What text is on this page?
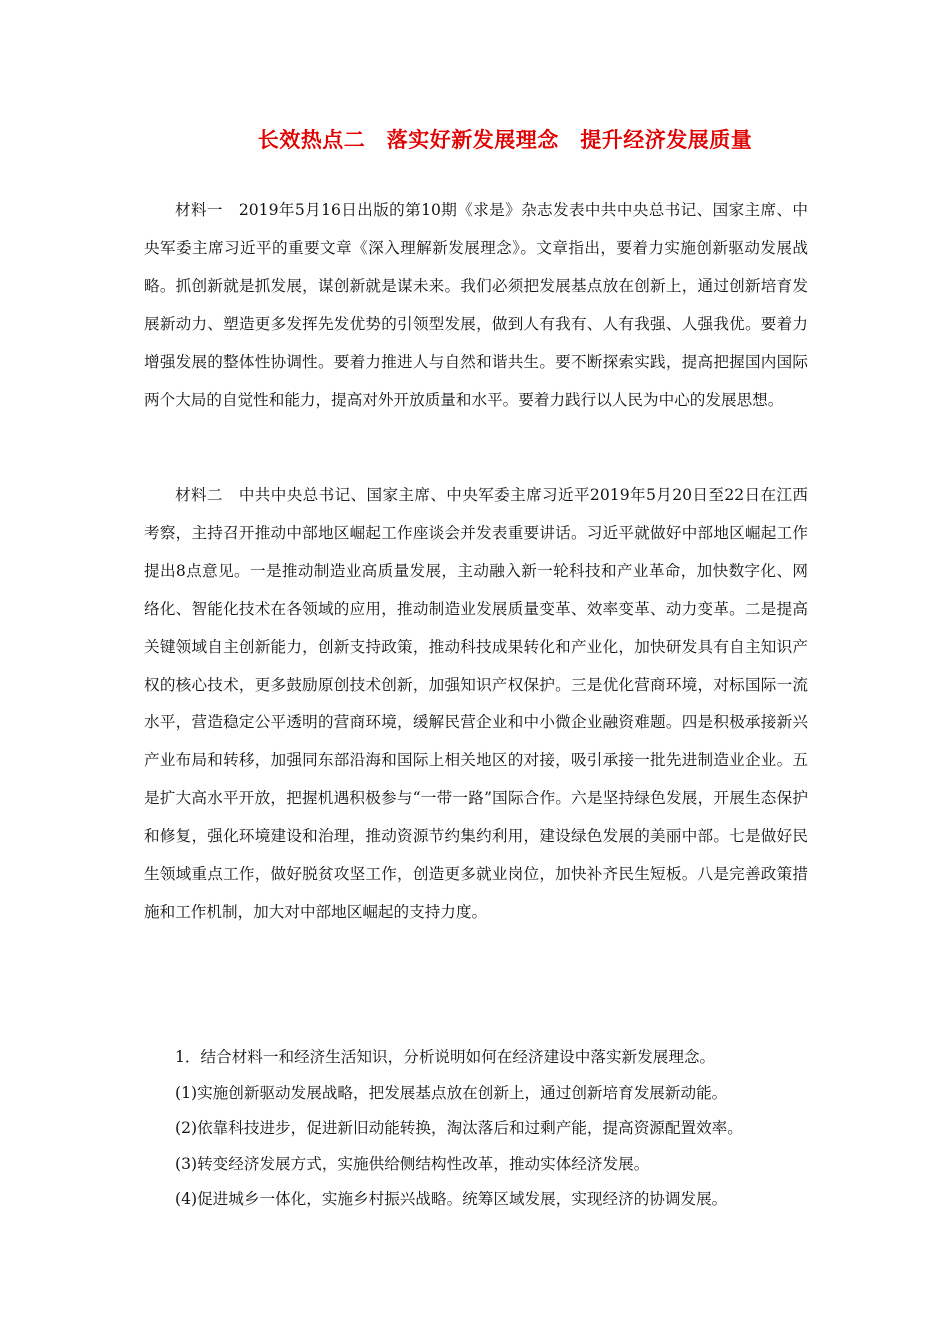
长效热点二　落实好新发展理念　提升经济发展质量

材料一　2019年5月16日出版的第10期《求是》杂志发表中共中央总书记、国家主席、中央军委主席习近平的重要文章《深入理解新发展理念》。文章指出，要着力实施创新驱动发展战略。抓创新就是抓发展，谋创新就是谋未来。我们必须把发展基点放在创新上，通过创新培育发展新动力、塑造更多发挥先发优势的引领型发展，做到人有我有、人有我强、人强我优。要着力增强发展的整体性协调性。要着力推进人与自然和谐共生。要不断探索实践，提高把握国内国际两个大局的自觉性和能力，提高对外开放质量和水平。要着力践行以人民为中心的发展思想。

材料二　中共中央总书记、国家主席、中央军委主席习近平2019年5月20日至22日在江西考察，主持召开推动中部地区崛起工作座谈会并发表重要讲话。习近平就做好中部地区崛起工作提出8点意见。一是推动制造业高质量发展，主动融入新一轮科技和产业革命，加快数字化、网络化、智能化技术在各领域的应用，推动制造业发展质量变革、效率变革、动力变革。二是提高关键领域自主创新能力，创新支持政策，推动科技成果转化和产业化，加快研发具有自主知识产权的核心技术，更多鼓励原创技术创新，加强知识产权保护。三是优化营商环境，对标国际一流水平，营造稳定公平透明的营商环境，缓解民营企业和中小微企业融资难题。四是积极承接新兴产业布局和转移，加强同东部沿海和国际上相关地区的对接，吸引承接一批先进制造业企业。五是扩大高水平开放，把握机遇积极参与“一带一路”国际合作。六是坚持绿色发展，开展生态保护和修复，强化环境建设和治理，推动资源节约集约利用，建设绿色发展的美丽中部。七是做好民生领域重点工作，做好脱贫攻坚工作，创造更多就业岗位，加快补齐民生短板。八是完善政策措施和工作机制，加大对中部地区崛起的支持力度。

1．结合材料一和经济生活知识，分析说明如何在经济建设中落实新发展理念。
(1)实施创新驱动发展战略，把发展基点放在创新上，通过创新培育发展新动能。
(2)依靠科技进步，促进新旧动能转换，淘汰落后和过剩产能，提高资源配置效率。
(3)转变经济发展方式，实施供给侧结构性改革，推动实体经济发展。
(4)促进城乡一体化，实施乡村振兴战略。统筹区域发展，实现经济的协调发展。
